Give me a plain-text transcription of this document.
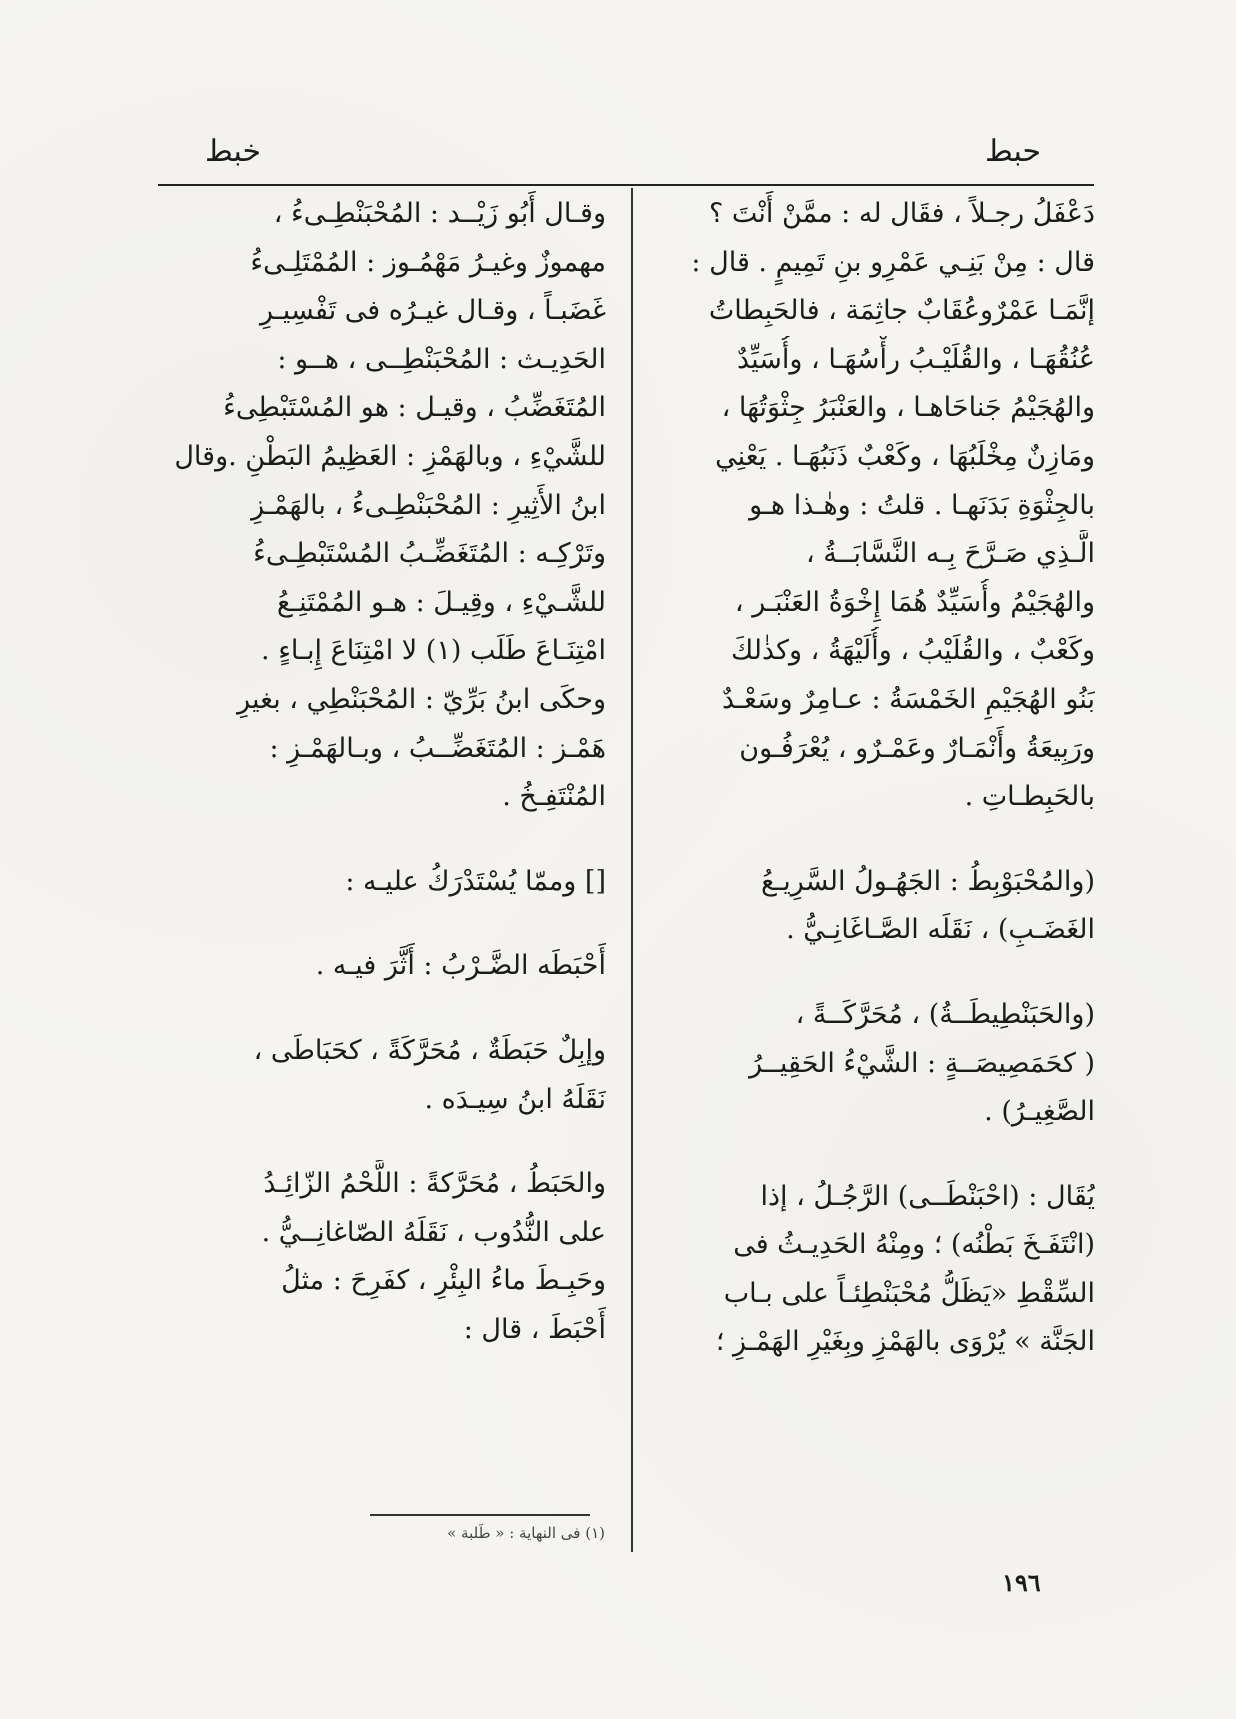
حبط
خبط
دَعْفَلُ رجـلاً ، فقَال له : ممَّنْ أَنْتَ ؟
قال : مِنْ بَنِـي عَمْرِو بنِ تَمِيمٍ . قال :
إنَّمَـا عَمْرٌوعُقَابٌ جاثِمَة ، فالحَبِطاتُ
عُنُقُهَـا ، والقُلَيْـبُ رأْسُهَـا ، وأُسَيِّدٌ
والهُجَيْمُ جَناحَاهـا ، والعَنْبَرُ جِثْوَتُهَا ،
ومَازِنٌ مِخْلَبُهَا ، وكَعْبٌ ذَنَبُهَـا . يَعْنِي
بالجِثْوَةِ بَدَنَهـا . قلتُ : وهٰـذا هـو
الَّـذِي صَـرَّحَ بِـه النَّسَّابَــةُ ،
والهُجَيْمُ وأُسَيِّدٌ هُمَا إِخْوَةُ العَنْبَـر ،
وكَعْبٌ ، والقُلَيْبُ ، وأُلَيْهَةُ ، وكذٰلكَ
بَنُو الهُجَيْمِ الخَمْسَةُ : عـامِرٌ وسَعْـدٌ
ورَبِيعَةُ وأَنْمَـارٌ وعَمْـرٌو ، يُعْرَفُـون
بالحَبِطـاتِ .
(والمُحْبَوْبِطُ : الجَهُـولُ السَّرِيـعُ
الغَضَـبِ) ، نَقَلَه الصَّـاغَانِـيُّ .
(والحَبَنْطِيطَــةُ) ، مُحَرَّكَــةً ،
( كحَمَصِيصَــةٍ : الشَّيْءُ الحَقِيــرُ
الصَّغِيـرُ) .
يُقَال : (احْبَنْطَــى) الرَّجُـلُ ، إذا
(انْتَفَـخَ بَطْنُه) ؛ ومِنْهُ الحَدِيـثُ فى
السِّقْطِ «يَظَلُّ مُحْبَنْطِئـاً على بـاب
الجَنَّة » يُرْوَى بالهَمْزِ وبِغَيْرِ الهَمْـزِ ؛
وقـال أَبُو زَيْــد : المُحْبَنْطِـىءُ ،
مهموزٌ وغيـرُ مَهْمُـوز : المُمْتَلِـىءُ
غَضَبـاً ، وقـال غيـرُه فى تَفْسِيـرِ
الحَدِيـث : المُحْبَنْطِــى ، هــو :
المُتَغَضِّبُ ، وقيـل : هو المُسْتَبْطِىءُ
للشَّيْءِ ، وبالهَمْزِ : العَظِيمُ البَطْنِ .وقال
ابنُ الأَثِيرِ : المُحْبَنْطِـىءُ ، بالهَمْـزِ
وتَرْكِـه : المُتَغَضِّـبُ المُسْتَبْطِـىءُ
للشَّـيْءِ ، وقِيـلَ : هـو المُمْتَنِـعُ
امْتِنَـاعَ طَلَب (١) لا امْتِنَاعَ إِبـاءٍ .
وحكَى ابنُ بَرِّيّ : المُحْبَنْطِي ، بغيرِ
هَمْـز : المُتَغَضِّــبُ ، وبـالهَمْـزِ :
المُنْتَفِـخُ .
[] وممّا يُسْتَدْرَكُ عليـه :
أَحْبَطَه الضَّـرْبُ : أَثَّرَ فيـه .
وإبِلٌ حَبَطَةٌ ، مُحَرَّكَةً ، كحَبَاطَى ،
نَقَلَهُ ابنُ سِيـدَه .
والحَبَطُ ، مُحَرَّكةً : اللَّحْمُ الزّائِـدُ
على النُّدُوب ، نَقَلَهُ الصّاغانِــيُّ .
وحَبِـطَ ماءُ البِئْرِ ، كفَرِحَ : مثلُ
أَحْبَطَ ، قال :
(١) فى النهاية : « طَلبة »
١٩٦
